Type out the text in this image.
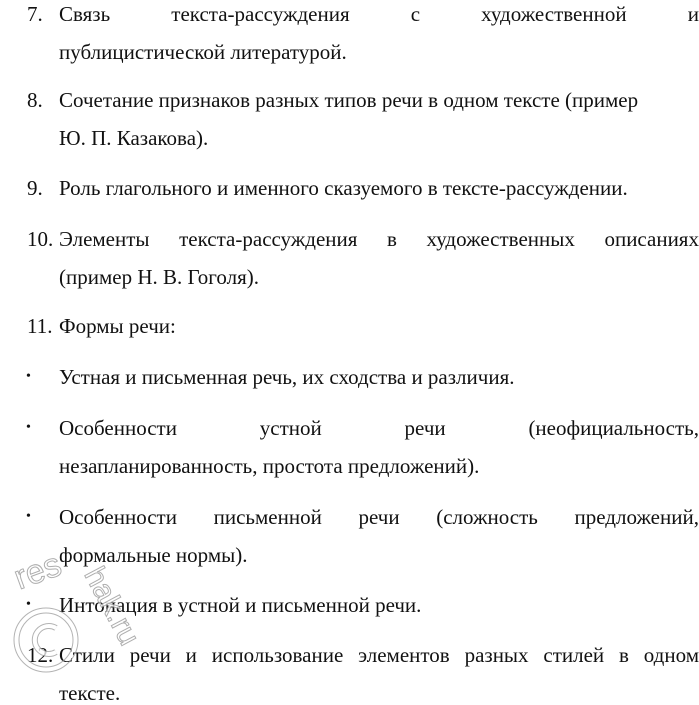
7. Связь	текста-рассуждения	с	художественной	и
публицистической литературой.
8. Сочетание признаков разных типов речи в одном тексте (пример
Ю. П. Казакова).
9. Роль глагольного и именного сказуемого в тексте-рассуждении.
10. Элементы текста-рассуждения в художественных описаниях
(пример Н. В. Гоголя).
11. Формы речи:
• Устная и письменная речь, их сходства и различия.
• Особенности	устной	речи	(неофициальность,
незапланированность, простота предложений).
• Особенности письменной речи (сложность предложений,
формальные нормы).
• Интонация в устной и письменной речи.
12. Стили речи и использование элементов разных стилей в одном
тексте.
res hak.ru
